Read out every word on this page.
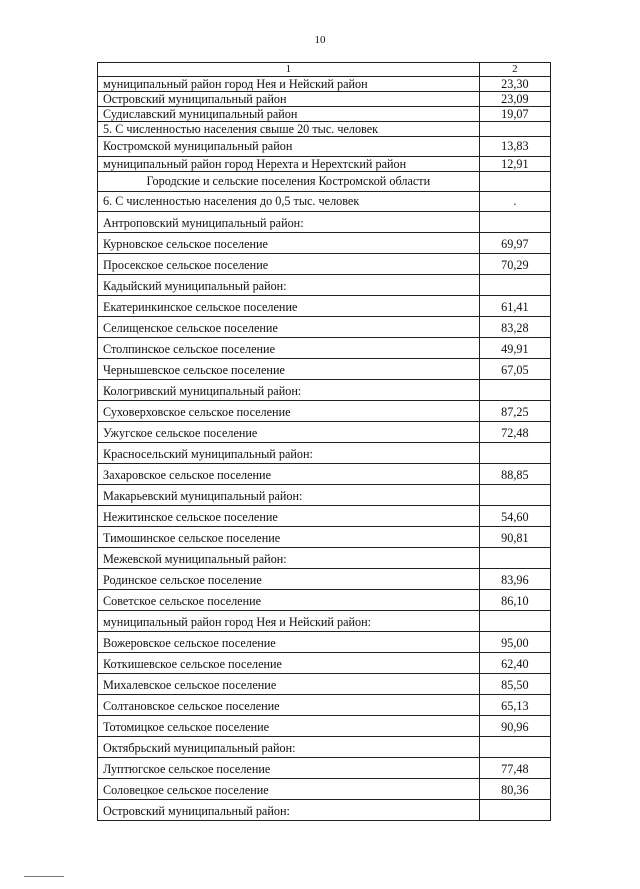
10
1	2
муниципальный район город Нея и Нейский район	23,30
Островский муниципальный район	23,09
Судиславский муниципальный район	19,07
5. С численностью населения свыше 20 тыс. человек	
Костромской муниципальный район	13,83
муниципальный район город Нерехта и Нерехтский район	12,91
Городские и сельские поселения Костромской области	
6. С численностью населения до 0,5 тыс. человек	.
Антроповский муниципальный район:	
Курновское сельское поселение	69,97
Просекское сельское поселение	70,29
Кадыйский муниципальный район:	
Екатеринкинское сельское поселение	61,41
Селищенское сельское поселение	83,28
Столпинское сельское поселение	49,91
Чернышевское сельское поселение	67,05
Кологривский муниципальный район:	
Суховерховское сельское поселение	87,25
Ужугское сельское поселение	72,48
Красносельский муниципальный район:	
Захаровское сельское поселение	88,85
Макарьевский муниципальный район:	
Нежитинское сельское поселение	54,60
Тимошинское сельское поселение	90,81
Межевской муниципальный район:	
Родинское сельское поселение	83,96
Советское сельское поселение	86,10
муниципальный район город Нея и Нейский район:	
Вожеровское сельское поселение	95,00
Коткишевское сельское поселение	62,40
Михалевское сельское поселение	85,50
Солтановское сельское поселение	65,13
Тотомицкое сельское поселение	90,96
Октябрьский муниципальный район:	
Луптюгское сельское поселение	77,48
Соловецкое сельское поселение	80,36
Островский муниципальный район:	
